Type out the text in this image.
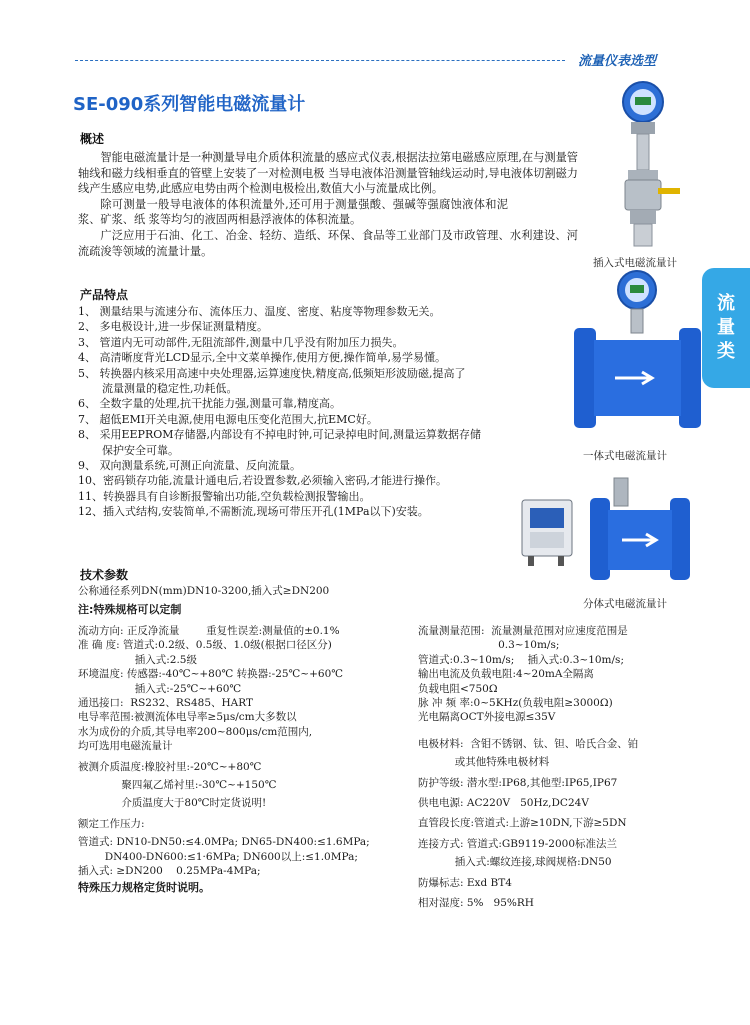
流量仪表选型
SE-090系列智能电磁流量计
流
量
类
概述
智能电磁流量计是一种测量导电介质体积流量的感应式仪表,根据法拉第电磁感应原理,在与测量管轴线和磁力线相垂直的管壁上安装了一对检测电极 当导电液体沿测量管轴线运动时,导电液体切割磁力线产生感应电势,此感应电势由两个检测电极检出,数值大小与流量成比例。
除可测量一般导电液体的体积流量外,还可用于测量强酸、强碱等强腐蚀液体和泥浆、矿浆、纸 浆等均匀的液固两相悬浮液体的体积流量。
广泛应用于石油、化工、冶金、轻纺、造纸、环保、食品等工业部门及市政管理、水利建设、河流疏浚等领域的流量计量。
产品特点
1、 测量结果与流速分布、流体压力、温度、密度、粘度等物理参数无关。
2、 多电极设计,进一步保证测量精度。
3、 管道内无可动部件,无阻流部件,测量中几乎没有附加压力损失。
4、 高清晰度背光LCD显示,全中文菜单操作,使用方便,操作简单,易学易懂。
5、 转换器内核采用高速中央处理器,运算速度快,精度高,低频矩形波励磁,提高了流量测量的稳定性,功耗低。
6、 全数字量的处理,抗干扰能力强,测量可靠,精度高。
7、 超低EMI开关电源,使用电源电压变化范围大,抗EMC好。
8、 采用EEPROM存储器,内部设有不掉电时钟,可记录掉电时间,测量运算数据存储保护安全可靠。
9、 双向测量系统,可测正向流量、反向流量。
10、密码锁存功能,流量计通电后,若设置参数,必须输入密码,才能进行操作。
11、转换器具有自诊断报警输出功能,空负载检测报警输出。
12、插入式结构,安装简单,不需断流,现场可带压开孔(1MPa以下)安装。
技术参数
公称通径系列DN(mm)DN10-3200,插入式≥DN200
注:特殊规格可以定制
流动方向: 正反净流量        重复性误差:测量值的±0.1%
准 确 度: 管道式:0.2级、0.5级、1.0级(根据口径区分)
插入式:2.5级
环境温度: 传感器:-40℃~+80℃ 转换器:-25℃~+60℃
插入式:-25℃~+60℃
通迅接口:  RS232、RS485、HART
电导率范围:被测流体电导率≥5μs/cm大多数以
水为成份的介质,其导电率200~800μs/cm范围内,
均可选用电磁流量计
被测介质温度:橡胶衬里:-20℃~+80℃
聚四氟乙烯衬里:-30℃~+150℃
介质温度大于80℃时定货说明!
额定工作压力:
管道式: DN10-DN50:≤4.0MPa; DN65-DN400:≤1.6MPa;
DN400-DN600:≤1·6MPa; DN600以上:≤1.0MPa;
插入式: ≥DN200    0.25MPa-4MPa;
特殊压力规格定货时说明。
流量测量范围:  流量测量范围对应速度范围是
0.3~10m/s;
管道式:0.3~10m/s;    插入式:0.3~10m/s;
输出电流及负载电阻:4~20mA全隔离
负载电阻<750Ω
脉 冲 频 率:0~5KHz(负载电阻≥3000Ω)
光电隔离OCT外接电源≤35V
电极材料:  含钼不锈钢、钛、钽、哈氏合金、铂
或其他特殊电极材料
防护等级: 潜水型:IP68,其他型:IP65,IP67
供电电源: AC220V   50Hz,DC24V
直管段长度:管道式:上游≥10DN,下游≥5DN
连接方式: 管道式:GB9119-2000标准法兰
插入式:螺纹连接,球阀规格:DN50
防爆标志: Exd BT4
相对湿度: 5%   95%RH
插入式电磁流量计
一体式电磁流量计
分体式电磁流量计
